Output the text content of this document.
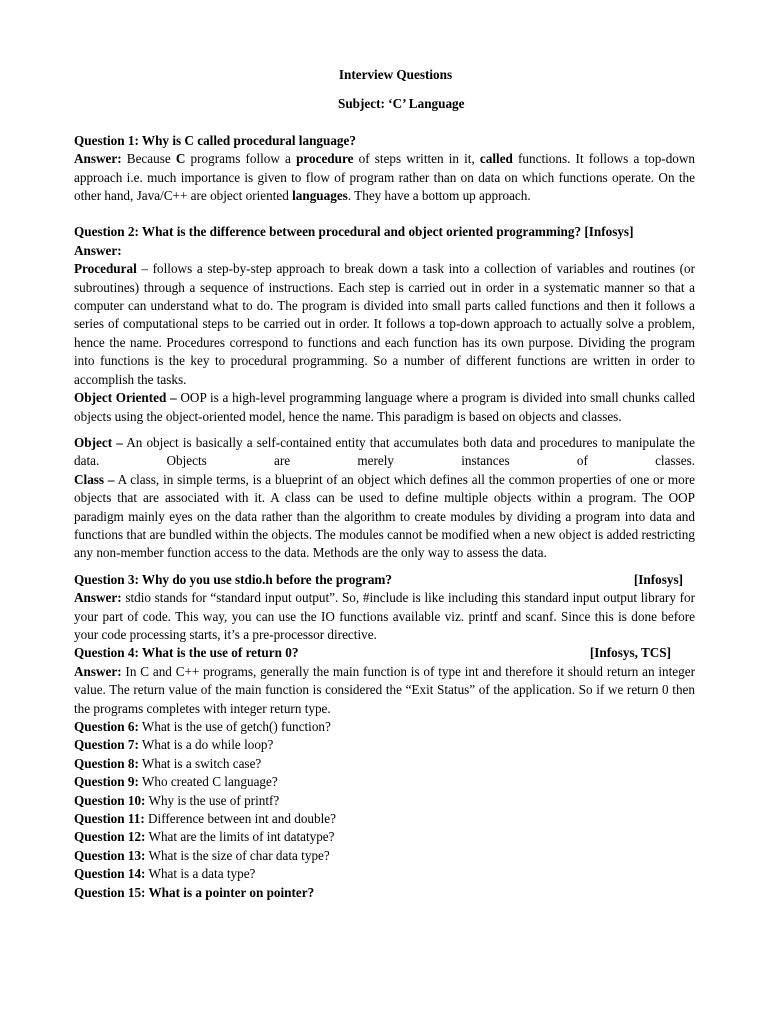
Interview Questions

Subject: ‘C’ Language

Question 1: Why is C called procedural language?

Answer: Because C programs follow a procedure of steps written in it, called functions. It follows a top-down approach i.e. much importance is given to flow of program rather than on data on which functions operate. On the other hand, Java/C++ are object oriented languages. They have a bottom up approach.

Question 2: What is the difference between procedural and object oriented programming? [Infosys]

Answer:

Procedural – follows a step-by-step approach to break down a task into a collection of variables and routines (or subroutines) through a sequence of instructions. Each step is carried out in order in a systematic manner so that a computer can understand what to do. The program is divided into small parts called functions and then it follows a series of computational steps to be carried out in order. It follows a top-down approach to actually solve a problem, hence the name. Procedures correspond to functions and each function has its own purpose. Dividing the program into functions is the key to procedural programming. So a number of different functions are written in order to accomplish the tasks.

Object Oriented – OOP is a high-level programming language where a program is divided into small chunks called objects using the object-oriented model, hence the name. This paradigm is based on objects and classes.

Object – An object is basically a self-contained entity that accumulates both data and procedures to manipulate the data. Objects are merely instances of classes.

Class – A class, in simple terms, is a blueprint of an object which defines all the common properties of one or more objects that are associated with it. A class can be used to define multiple objects within a program. The OOP paradigm mainly eyes on the data rather than the algorithm to create modules by dividing a program into data and functions that are bundled within the objects. The modules cannot be modified when a new object is added restricting any non-member function access to the data. Methods are the only way to assess the data.

Question 3: Why do you use stdio.h before the program?	[Infosys]

Answer: stdio stands for “standard input output”. So, #include is like including this standard input output library for your part of code. This way, you can use the IO functions available viz. printf and scanf. Since this is done before your code processing starts, it’s a pre-processor directive.

Question 4: What is the use of return 0?	[Infosys, TCS]

Answer: In C and C++ programs, generally the main function is of type int and therefore it should return an integer value. The return value of the main function is considered the “Exit Status” of the application. So if we return 0 then the programs completes with integer return type.

Question 6: What is the use of getch() function?

Question 7: What is a do while loop?

Question 8: What is a switch case?

Question 9: Who created C language?

Question 10: Why is the use of printf?

Question 11: Difference between int and double?

Question 12: What are the limits of int datatype?

Question 13: What is the size of char data type?

Question 14: What is a data type?

Question 15: What is a pointer on pointer?
